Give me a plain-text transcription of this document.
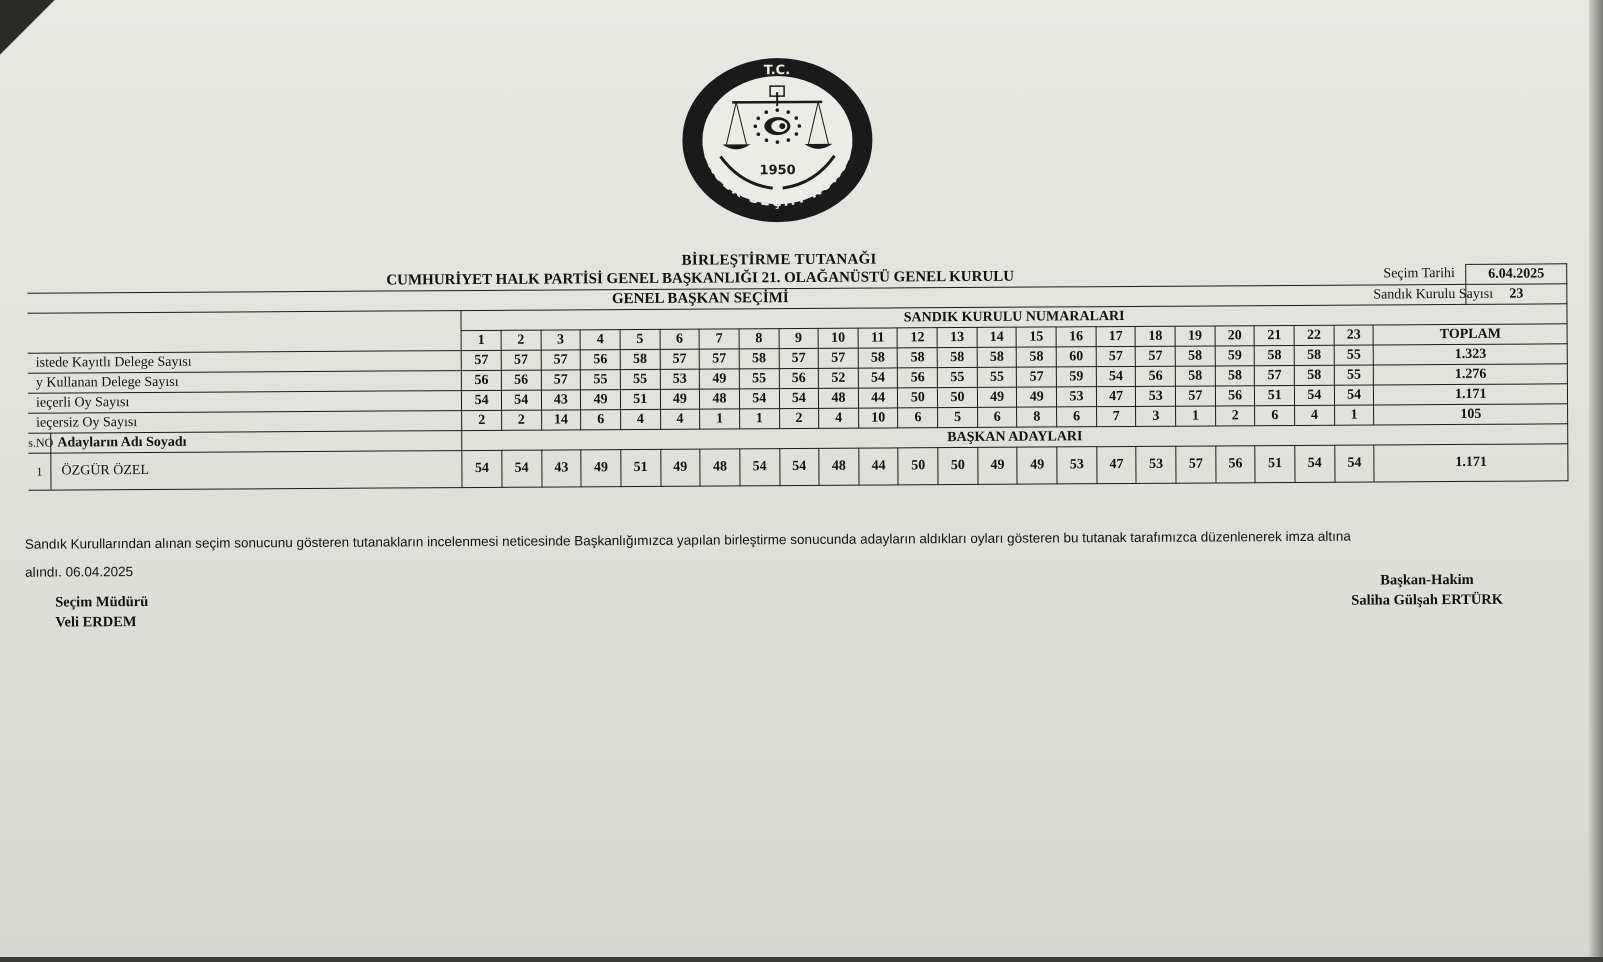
T.C.
YÜKSEK SEÇİM KURULU
1950
BİRLEŞTİRME TUTANAĞI
CUMHURİYET HALK PARTİSİ GENEL BAŞKANLIĞI 21. OLAĞANÜSTÜ GENEL KURULU																									Seçim Tarihi	6.04.2025
GENEL BAŞKAN SEÇİMİ																									Sandık Kurulu Sayısı	23
		SANDIK KURULU NUMARALARI																								
		1	2	3	4	5	6	7	8	9	10	11	12	13	14	15	16	17	18	19	20	21	22	23	TOPLAM	
istede Kayıtlı Delege Sayısı		57	57	57	56	58	57	57	58	57	57	58	58	58	58	58	60	57	57	58	59	58	58	55	1.323	
y Kullanan Delege Sayısı		56	56	57	55	55	53	49	55	56	52	54	56	55	55	57	59	54	56	58	58	57	58	55	1.276	
ieçerli Oy Sayısı		54	54	43	49	51	49	48	54	54	48	44	50	50	49	49	53	47	53	57	56	51	54	54	1.171	
ieçersiz Oy Sayısı		2	2	14	6	4	4	1	1	2	4	10	6	5	6	8	6	7	3	1	2	6	4	1	105	
s.NO	Adayların Adı Soyadı	BAŞKAN ADAYLARI																								
1	ÖZGÜR ÖZEL	54	54	43	49	51	49	48	54	54	48	44	50	50	49	49	53	47	53	57	56	51	54	54	1.171	
Sandık Kurullarından alınan seçim sonucunu gösteren tutanakların incelenmesi neticesinde Başkanlığımızca yapılan birleştirme sonucunda adayların aldıkları oyları gösteren bu tutanak tarafımızca düzenlenerek imza altına
alındı. 06.04.2025
Seçim Müdürü
Veli ERDEM
Başkan-Hakim
Saliha Gülşah ERTÜRK
